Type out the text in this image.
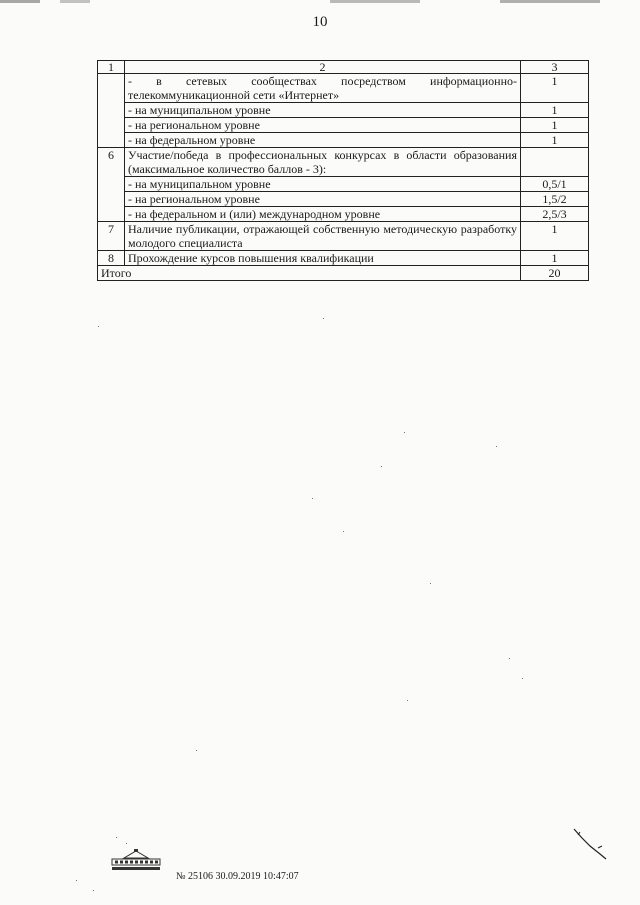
10
1	2	3
	- в сетевых сообществах посредством информационно-телекоммуникационной сети «Интернет»	1
	- на муниципальном уровне	1
	- на региональном уровне	1
	- на федеральном уровне	1
6	Участие/победа в профессиональных конкурсах в области образования (максимальное количество баллов - 3):	
	- на муниципальном уровне	0,5/1
	- на региональном уровне	1,5/2
	- на федеральном и (или) международном уровне	2,5/3
7	Наличие публикации, отражающей собственную методическую разработку молодого специалиста	1
8	Прохождение курсов повышения квалификации	1
Итого		20
№ 25106 30.09.2019 10:47:07
